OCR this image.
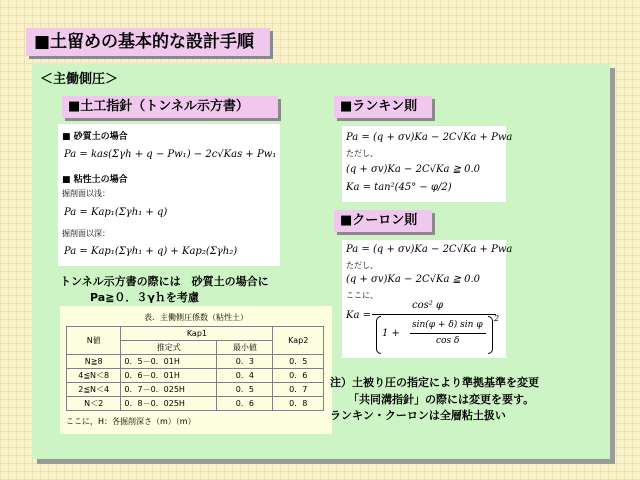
■土留めの基本的な設計手順
＜主働側圧＞
■土工指針（トンネル示方書）
■ 砂質土の場合
Pa = kas(Σγh + q − Pw₁) − 2c√Kas + Pw₁
■ 粘性土の場合
掘削面以浅：
Pa = Kap₁(Σγh₁ + q)
掘削面以深：
Pa = Kap₁(Σγh₁ + q) + Kap₂(Σγh₂)
トンネル示方書の際には　砂質土の場合に
Pa≧０．３γｈを考慮
表．主働側圧係数（粘性土）
N値	Kap1		Kap2
	推定式	最小値	
N≧8	0．5－0．01H	0．3	0．5
4≦N＜8	0．6－0．01H	0．4	0．6
2≦N＜4	0．7－0．025H	0．5	0．7
N＜2	0．8－0．025H	0．6	0．8
ここに，H：各掘削深さ（m）（m）
■ランキン則
Pa = (q + σv)Ka − 2C√Ka + Pwa
ただし、
(q + σv)Ka − 2C√Ka ≧ 0.0
Ka = tan²(45° − φ/2)
■クーロン則
Pa = (q + σv)Ka − 2C√Ka + Pwa
ただし、
(q + σv)Ka − 2C√Ka ≧ 0.0
ここに、
Ka =
cos² φ
1 +
sin(φ + δ) sin φ
cos δ
2
注）土被り圧の指定により準拠基準を変更
「共同溝指針」の際には変更を要す。
ランキン・クーロンは全層粘土扱い
